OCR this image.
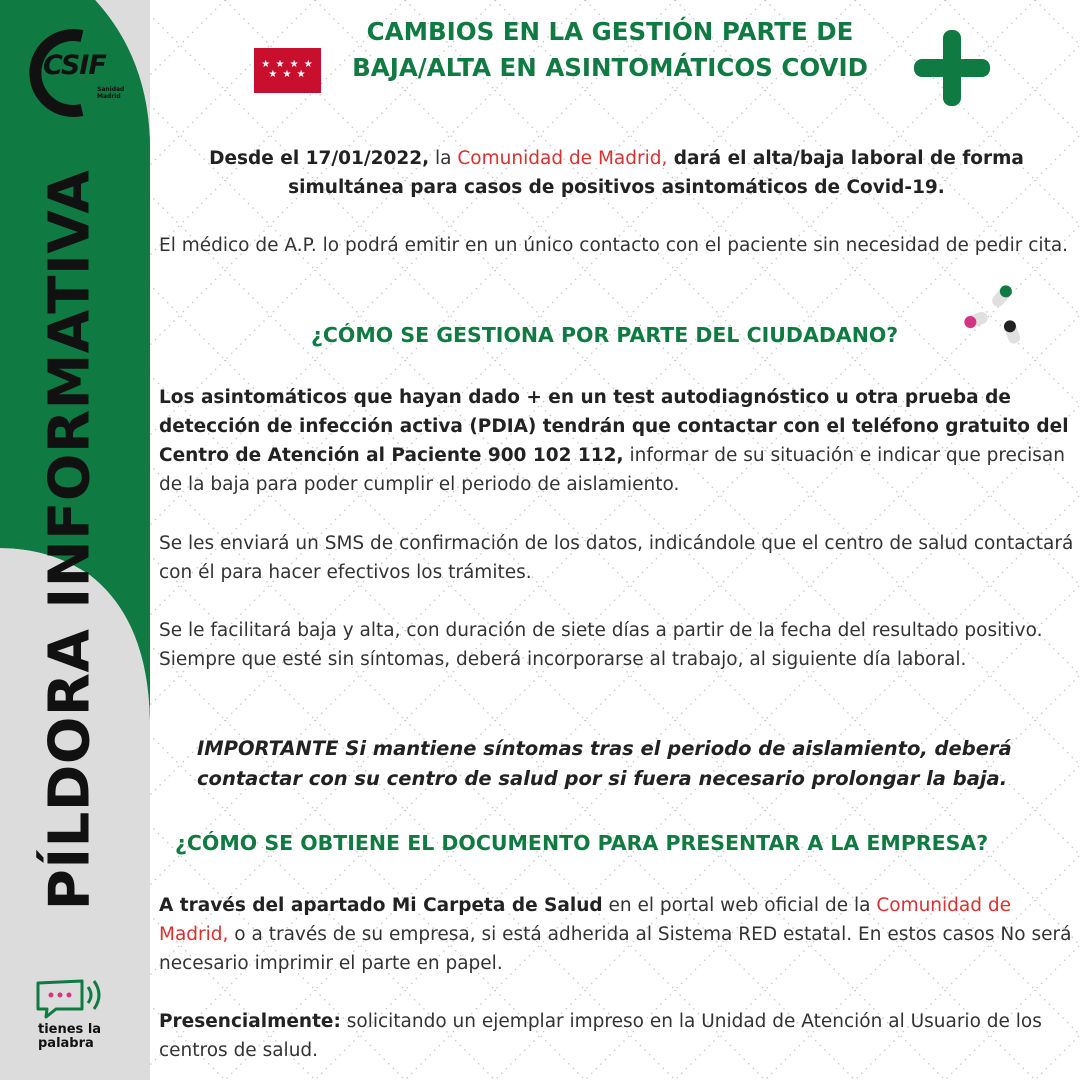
CSIF
Sanidad
Madrid
PÍLDORA INFORMATIVA
tienes la
palabra
★ ★ ★ ★
★ ★ ★
CAMBIOS EN LA GESTIÓN PARTE DE
BAJA/ALTA EN ASINTOMÁTICOS COVID
Desde el 17/01/2022, la Comunidad de Madrid, dará el alta/baja laboral de forma simultánea para casos de positivos asintomáticos de Covid-19.
El médico de A.P. lo podrá emitir en un único contacto con el paciente sin necesidad de pedir cita.
¿CÓMO SE GESTIONA POR PARTE DEL CIUDADANO?
Los asintomáticos que hayan dado + en un test autodiagnóstico u otra prueba de detección de infección activa (PDIA) tendrán que contactar con el teléfono gratuito del Centro de Atención al Paciente 900 102 112, informar de su situación e indicar que precisan de la baja para poder cumplir el periodo de aislamiento.
Se les enviará un SMS de confirmación de los datos, indicándole que el centro de salud contactará con él para hacer efectivos los trámites.
Se le facilitará baja y alta, con duración de siete días a partir de la fecha del resultado positivo. Siempre que esté sin síntomas, deberá incorporarse al trabajo, al siguiente día laboral.
IMPORTANTE Si mantiene síntomas tras el periodo de aislamiento, deberá contactar con su centro de salud por si fuera necesario prolongar la baja.
¿CÓMO SE OBTIENE EL DOCUMENTO PARA PRESENTAR A LA EMPRESA?
A través del apartado Mi Carpeta de Salud en el portal web oficial de la Comunidad de Madrid, o a través de su empresa, si está adherida al Sistema RED estatal. En estos casos No será necesario imprimir el parte en papel.
Presencialmente: solicitando un ejemplar impreso en la Unidad de Atención al Usuario de los centros de salud.
